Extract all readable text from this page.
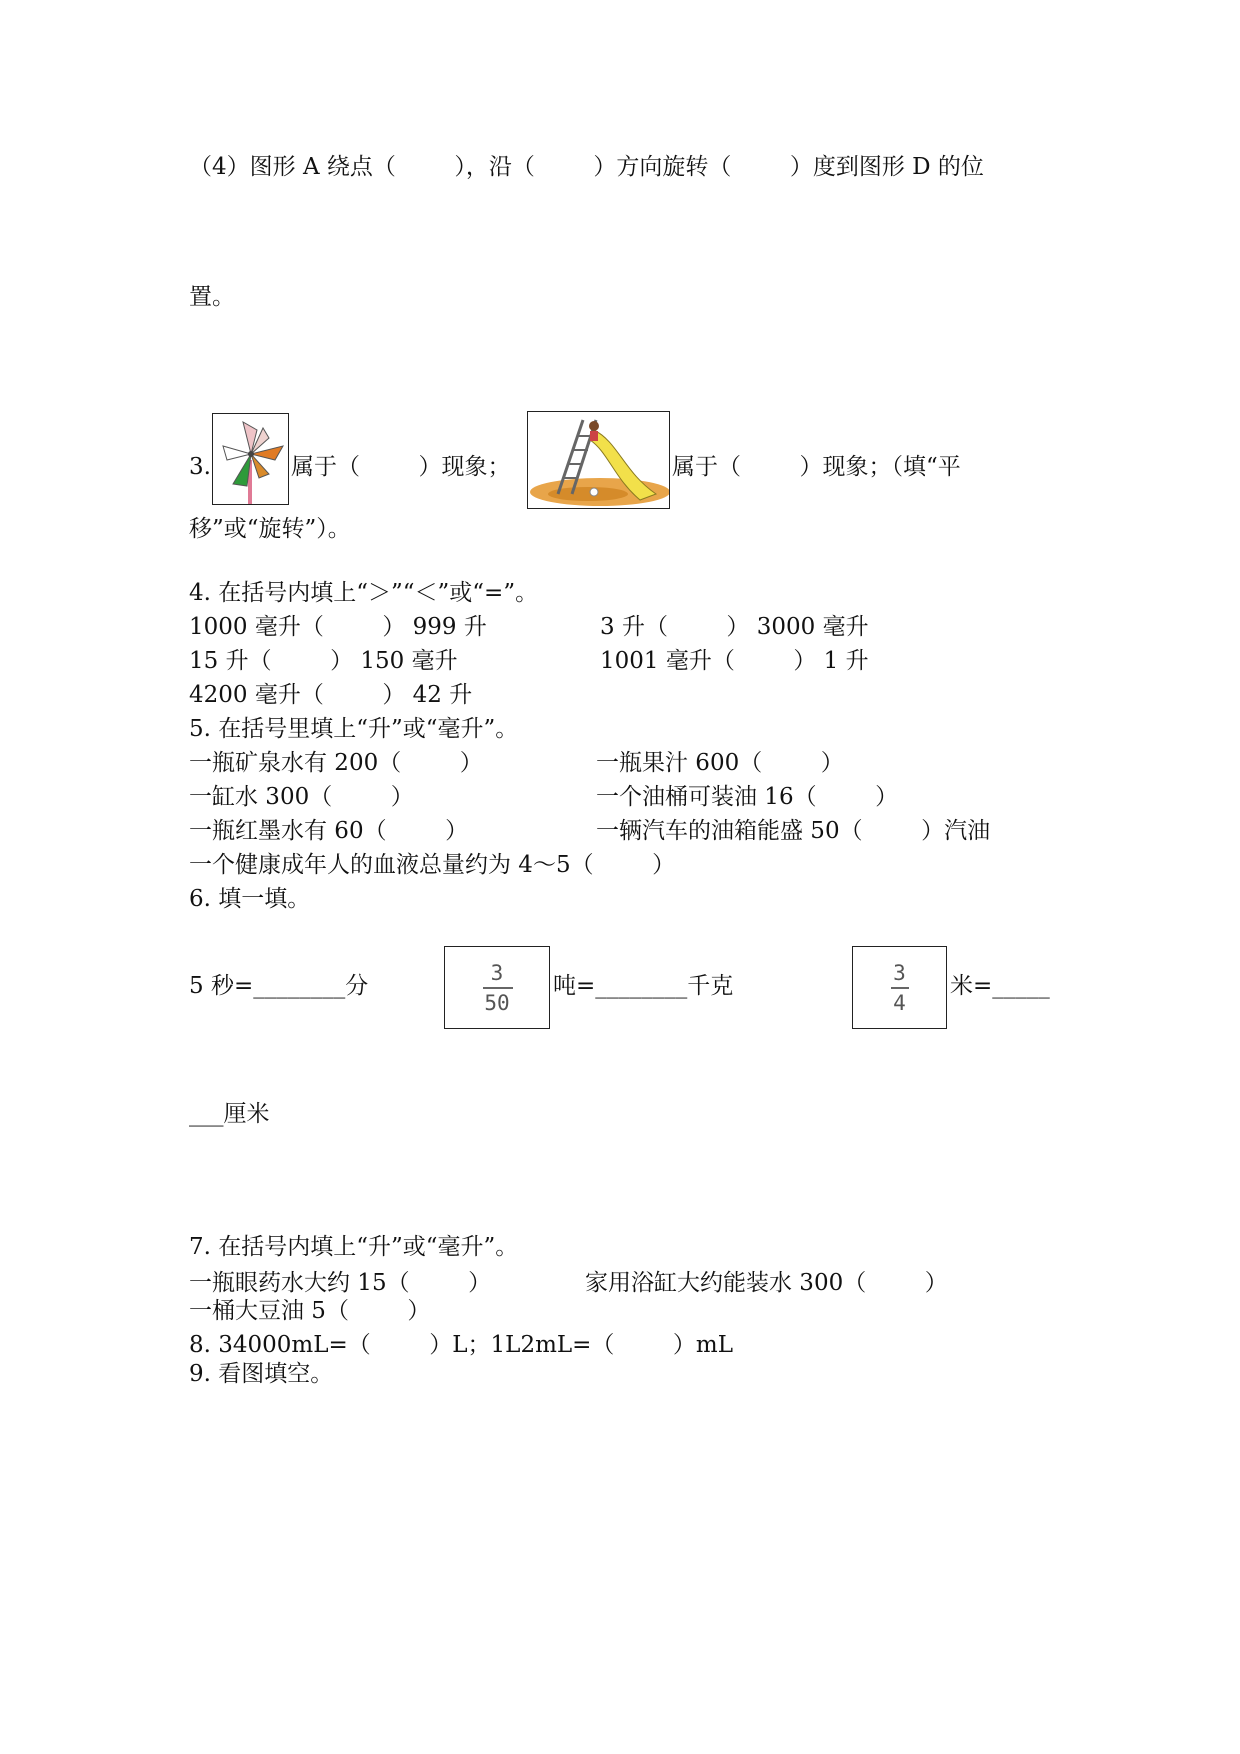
（4）图形 A 绕点（        ），沿（        ）方向旋转（        ）度到图形 D 的位
置。
3.	属于（        ）现象；	属于（        ）现象；（填“平
移”或“旋转”）。
4. 在括号内填上“＞”“＜”或“=”。
1000 毫升（        ） 999 升	3 升（        ） 3000 毫升
15 升（        ） 150 毫升	1001 毫升（        ） 1 升
4200 毫升（        ） 42 升
5. 在括号里填上“升”或“毫升”。
一瓶矿泉水有 200（        ）	一瓶果汁 600（        ）
一缸水 300（        ）	一个油桶可装油 16（        ）
一瓶红墨水有 60（        ）	一辆汽车的油箱能盛 50（        ）汽油
一个健康成年人的血液总量约为 4～5（        ）
6. 填一填。
5 秒=________分	3
50
吨=________千克	3
4
米=_____
___厘米
7. 在括号内填上“升”或“毫升”。
一瓶眼药水大约 15（        ）	家用浴缸大约能装水 300（        ）
一桶大豆油 5（        ）
8. 34000mL=（        ）L；1L2mL=（        ）mL
9. 看图填空。
